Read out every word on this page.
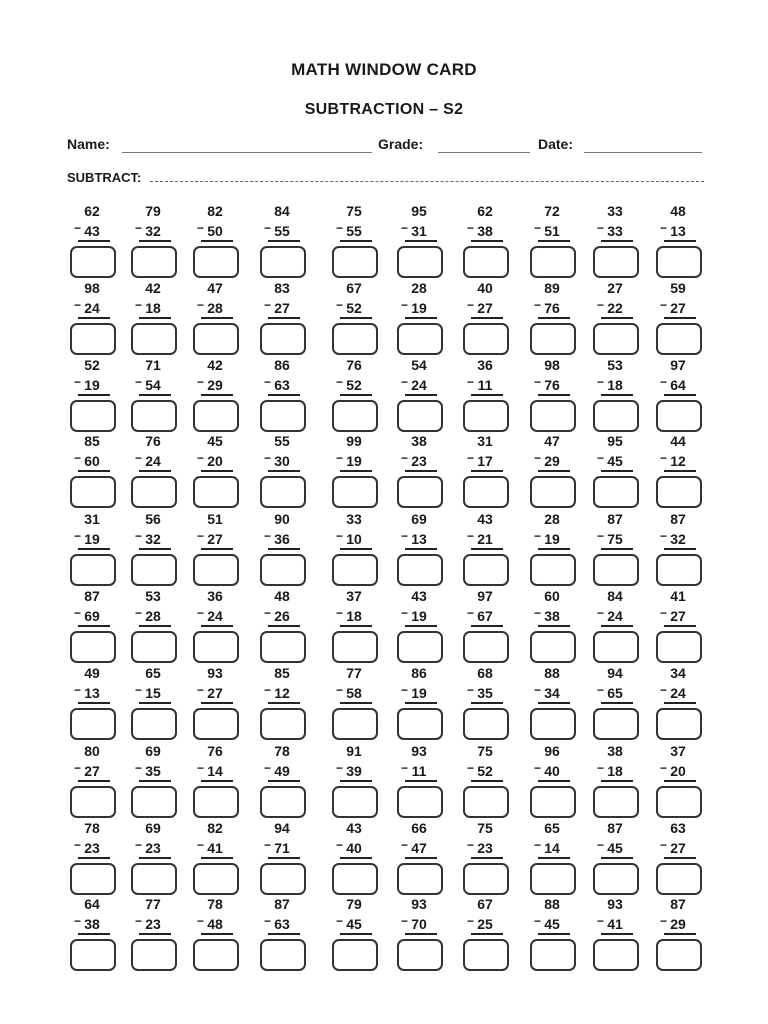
MATH WINDOW CARD
SUBTRACTION – S2
Name:	Grade:	Date:
SUBTRACT:
62
− 43
79
− 32
82
− 50
84
− 55
75
− 55
95
− 31
62
− 38
72
− 51
33
− 33
48
− 13
98
− 24
42
− 18
47
− 28
83
− 27
67
− 52
28
− 19
40
− 27
89
− 76
27
− 22
59
− 27
52
− 19
71
− 54
42
− 29
86
− 63
76
− 52
54
− 24
36
− 11
98
− 76
53
− 18
97
− 64
85
− 60
76
− 24
45
− 20
55
− 30
99
− 19
38
− 23
31
− 17
47
− 29
95
− 45
44
− 12
31
− 19
56
− 32
51
− 27
90
− 36
33
− 10
69
− 13
43
− 21
28
− 19
87
− 75
87
− 32
87
− 69
53
− 28
36
− 24
48
− 26
37
− 18
43
− 19
97
− 67
60
− 38
84
− 24
41
− 27
49
− 13
65
− 15
93
− 27
85
− 12
77
− 58
86
− 19
68
− 35
88
− 34
94
− 65
34
− 24
80
− 27
69
− 35
76
− 14
78
− 49
91
− 39
93
− 11
75
− 52
96
− 40
38
− 18
37
− 20
78
− 23
69
− 23
82
− 41
94
− 71
43
− 40
66
− 47
75
− 23
65
− 14
87
− 45
63
− 27
64
− 38
77
− 23
78
− 48
87
− 63
79
− 45
93
− 70
67
− 25
88
− 45
93
− 41
87
− 29
